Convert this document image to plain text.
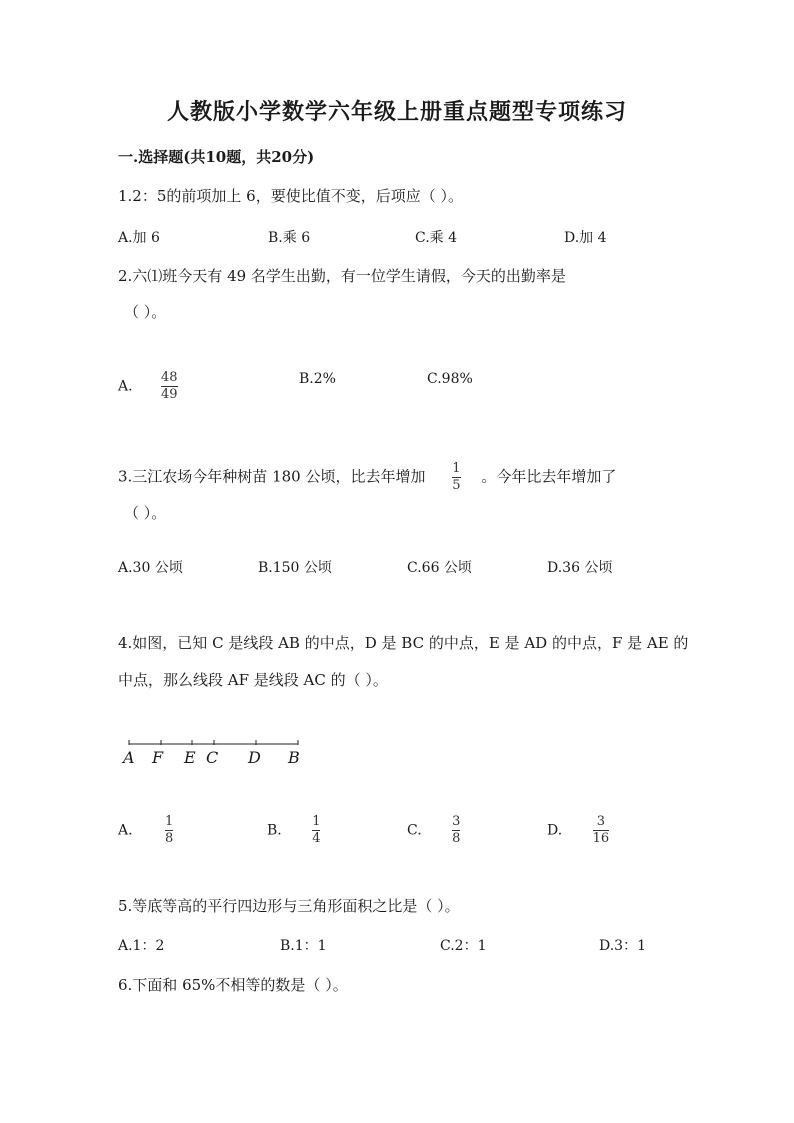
人教版小学数学六年级上册重点题型专项练习
一.选择题(共10题，共20分)
1.2：5的前项加上 6，要使比值不变，后项应（ ）。
A.加 6	B.乘 6	C.乘 4	D.加 4
2.六⑴班今天有 49 名学生出勤，有一位学生请假，今天的出勤率是
（ ）。
A. $\frac{48}{49}$	B.2%	C.98%
3.三江农场今年种树苗 180 公顷，比去年增加 $\frac{1}{5}$ 。今年比去年增加了
（ ）。
A.30 公顷	B.150 公顷	C.66 公顷	D.36 公顷
4.如图，已知 C 是线段 AB 的中点，D 是 BC 的中点，E 是 AD 的中点，F 是 AE 的
中点，那么线段 AF 是线段 AC 的（ ）。
A F E C D B
A. $\frac{1}{8}$	B. $\frac{1}{4}$	C. $\frac{3}{8}$	D. $\frac{3}{16}$
5.等底等高的平行四边形与三角形面积之比是（ ）。
A.1：2	B.1：1	C.2：1	D.3：1
6.下面和 65%不相等的数是（ ）。
